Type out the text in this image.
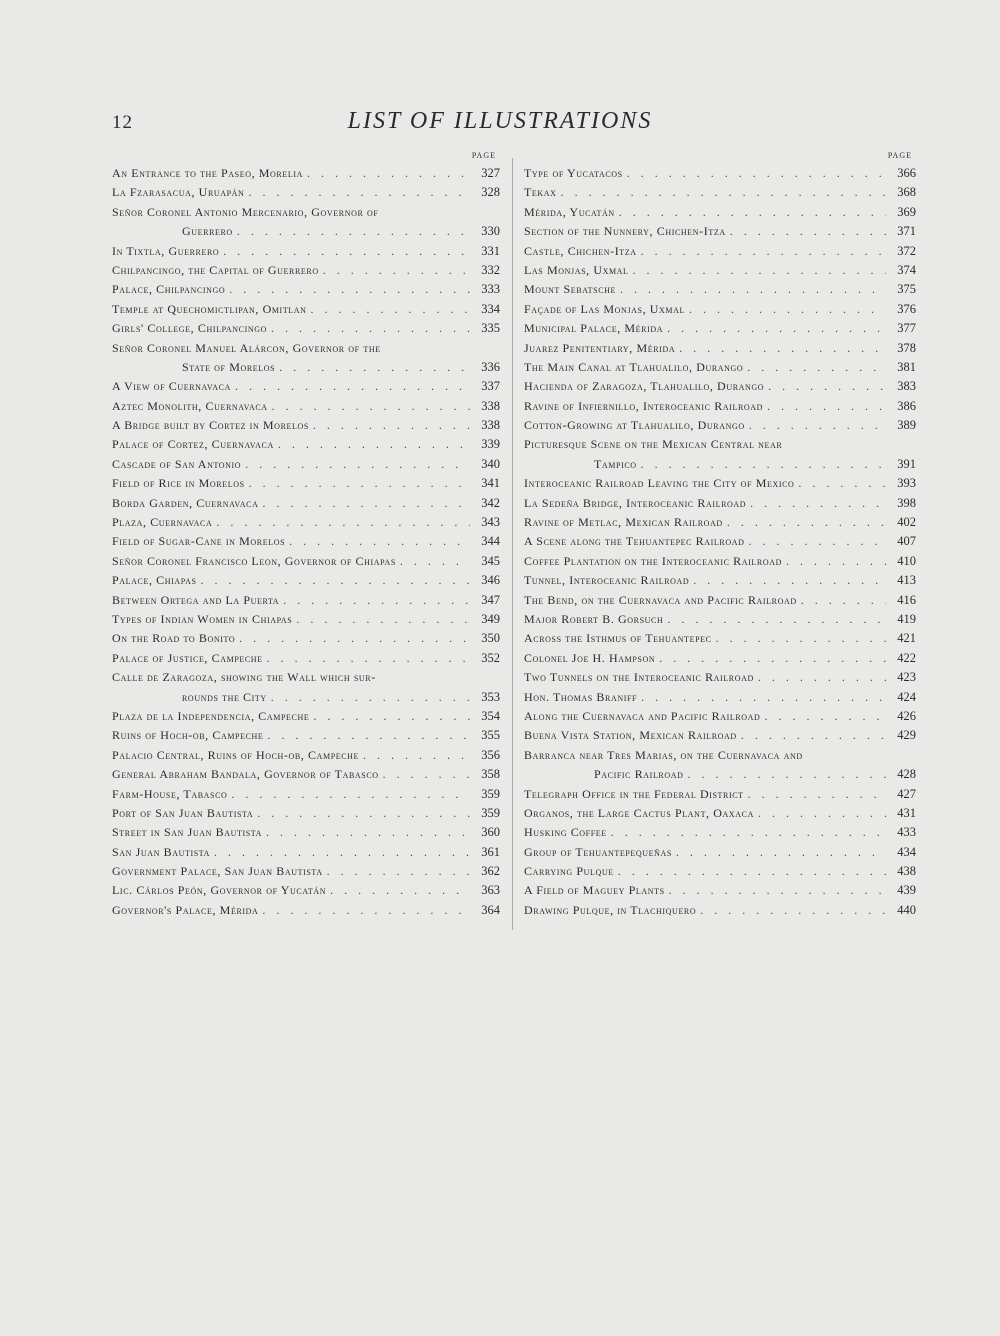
12	LIST OF ILLUSTRATIONS
PAGE
An Entrance to the Paseo, Morelia . . .	327
La Fzarasacua, Uruapán . . .	328
Señor Coronel Antonio Mercenario, Governor of
Guerrero . . .	330
In Tixtla, Guerrero . . .	331
Chilpancingo, the Capital of Guerrero . . .	332
Palace, Chilpancingo . . .	333
Temple at Quechomictlipan, Omitlan . . .	334
Girls' College, Chilpancingo . . .	335
Señor Coronel Manuel Alárcon, Governor of the
State of Morelos . . .	336
A View of Cuernavaca . . .	337
Aztec Monolith, Cuernavaca . . .	338
A Bridge built by Cortez in Morelos . . .	338
Palace of Cortez, Cuernavaca . . .	339
Cascade of San Antonio . . .	340
Field of Rice in Morelos . . .	341
Borda Garden, Cuernavaca . . .	342
Plaza, Cuernavaca . . .	343
Field of Sugar-Cane in Morelos . . .	344
Señor Coronel Francisco Leon, Governor of Chiapas . . .	345
Palace, Chiapas . . .	346
Between Ortega and La Puerta . . .	347
Types of Indian Women in Chiapas . . .	349
On the Road to Bonito . . .	350
Palace of Justice, Campeche . . .	352
Calle de Zaragoza, showing the Wall which sur-
rounds the City . . .	353
Plaza de la Independencia, Campeche . . .	354
Ruins of Hoch-ob, Campeche . . .	355
Palacio Central, Ruins of Hoch-ob, Campeche . . .	356
General Abraham Bandala, Governor of Tabasco . . .	358
Farm-House, Tabasco . . .	359
Port of San Juan Bautista . . .	359
Street in San Juan Bautista . . .	360
San Juan Bautista . . .	361
Government Palace, San Juan Bautista . . .	362
Lic. Cárlos Peón, Governor of Yucatán . . .	363
Governor's Palace, Mérida . . .	364
PAGE
Type of Yucatacos . . .	366
Tekax . . .	368
Mérida, Yucatán . . .	369
Section of the Nunnery, Chichen-Itza . . .	371
Castle, Chichen-Itza . . .	372
Las Monjas, Uxmal . . .	374
Mount Sebatsche . . .	375
Façade of Las Monjas, Uxmal . . .	376
Municipal Palace, Mérida . . .	377
Juarez Penitentiary, Mérida . . .	378
The Main Canal at Tlahualilo, Durango . . .	381
Hacienda of Zaragoza, Tlahualilo, Durango . . .	383
Ravine of Infiernillo, Interoceanic Railroad . . .	386
Cotton-Growing at Tlahualilo, Durango . . .	389
Picturesque Scene on the Mexican Central near
Tampico . . .	391
Interoceanic Railroad Leaving the City of Mexico . . .	393
La Sedeña Bridge, Interoceanic Railroad . . .	398
Ravine of Metlac, Mexican Railroad . . .	402
A Scene along the Tehuantepec Railroad . . .	407
Coffee Plantation on the Interoceanic Railroad . . .	410
Tunnel, Interoceanic Railroad . . .	413
The Bend, on the Cuernavaca and Pacific Railroad . . .	416
Major Robert B. Gorsuch . . .	419
Across the Isthmus of Tehuantepec . . .	421
Colonel Joe H. Hampson . . .	422
Two Tunnels on the Interoceanic Railroad . . .	423
Hon. Thomas Braniff . . .	424
Along the Cuernavaca and Pacific Railroad . . .	426
Buena Vista Station, Mexican Railroad . . .	429
Barranca near Tres Marias, on the Cuernavaca and
Pacific Railroad . . .	428
Telegraph Office in the Federal District . . .	427
Organos, the Large Cactus Plant, Oaxaca . . .	431
Husking Coffee . . .	433
Group of Tehuantepequeñas . . .	434
Carrying Pulque . . .	438
A Field of Maguey Plants . . .	439
Drawing Pulque, in Tlachiquero . . .	440
